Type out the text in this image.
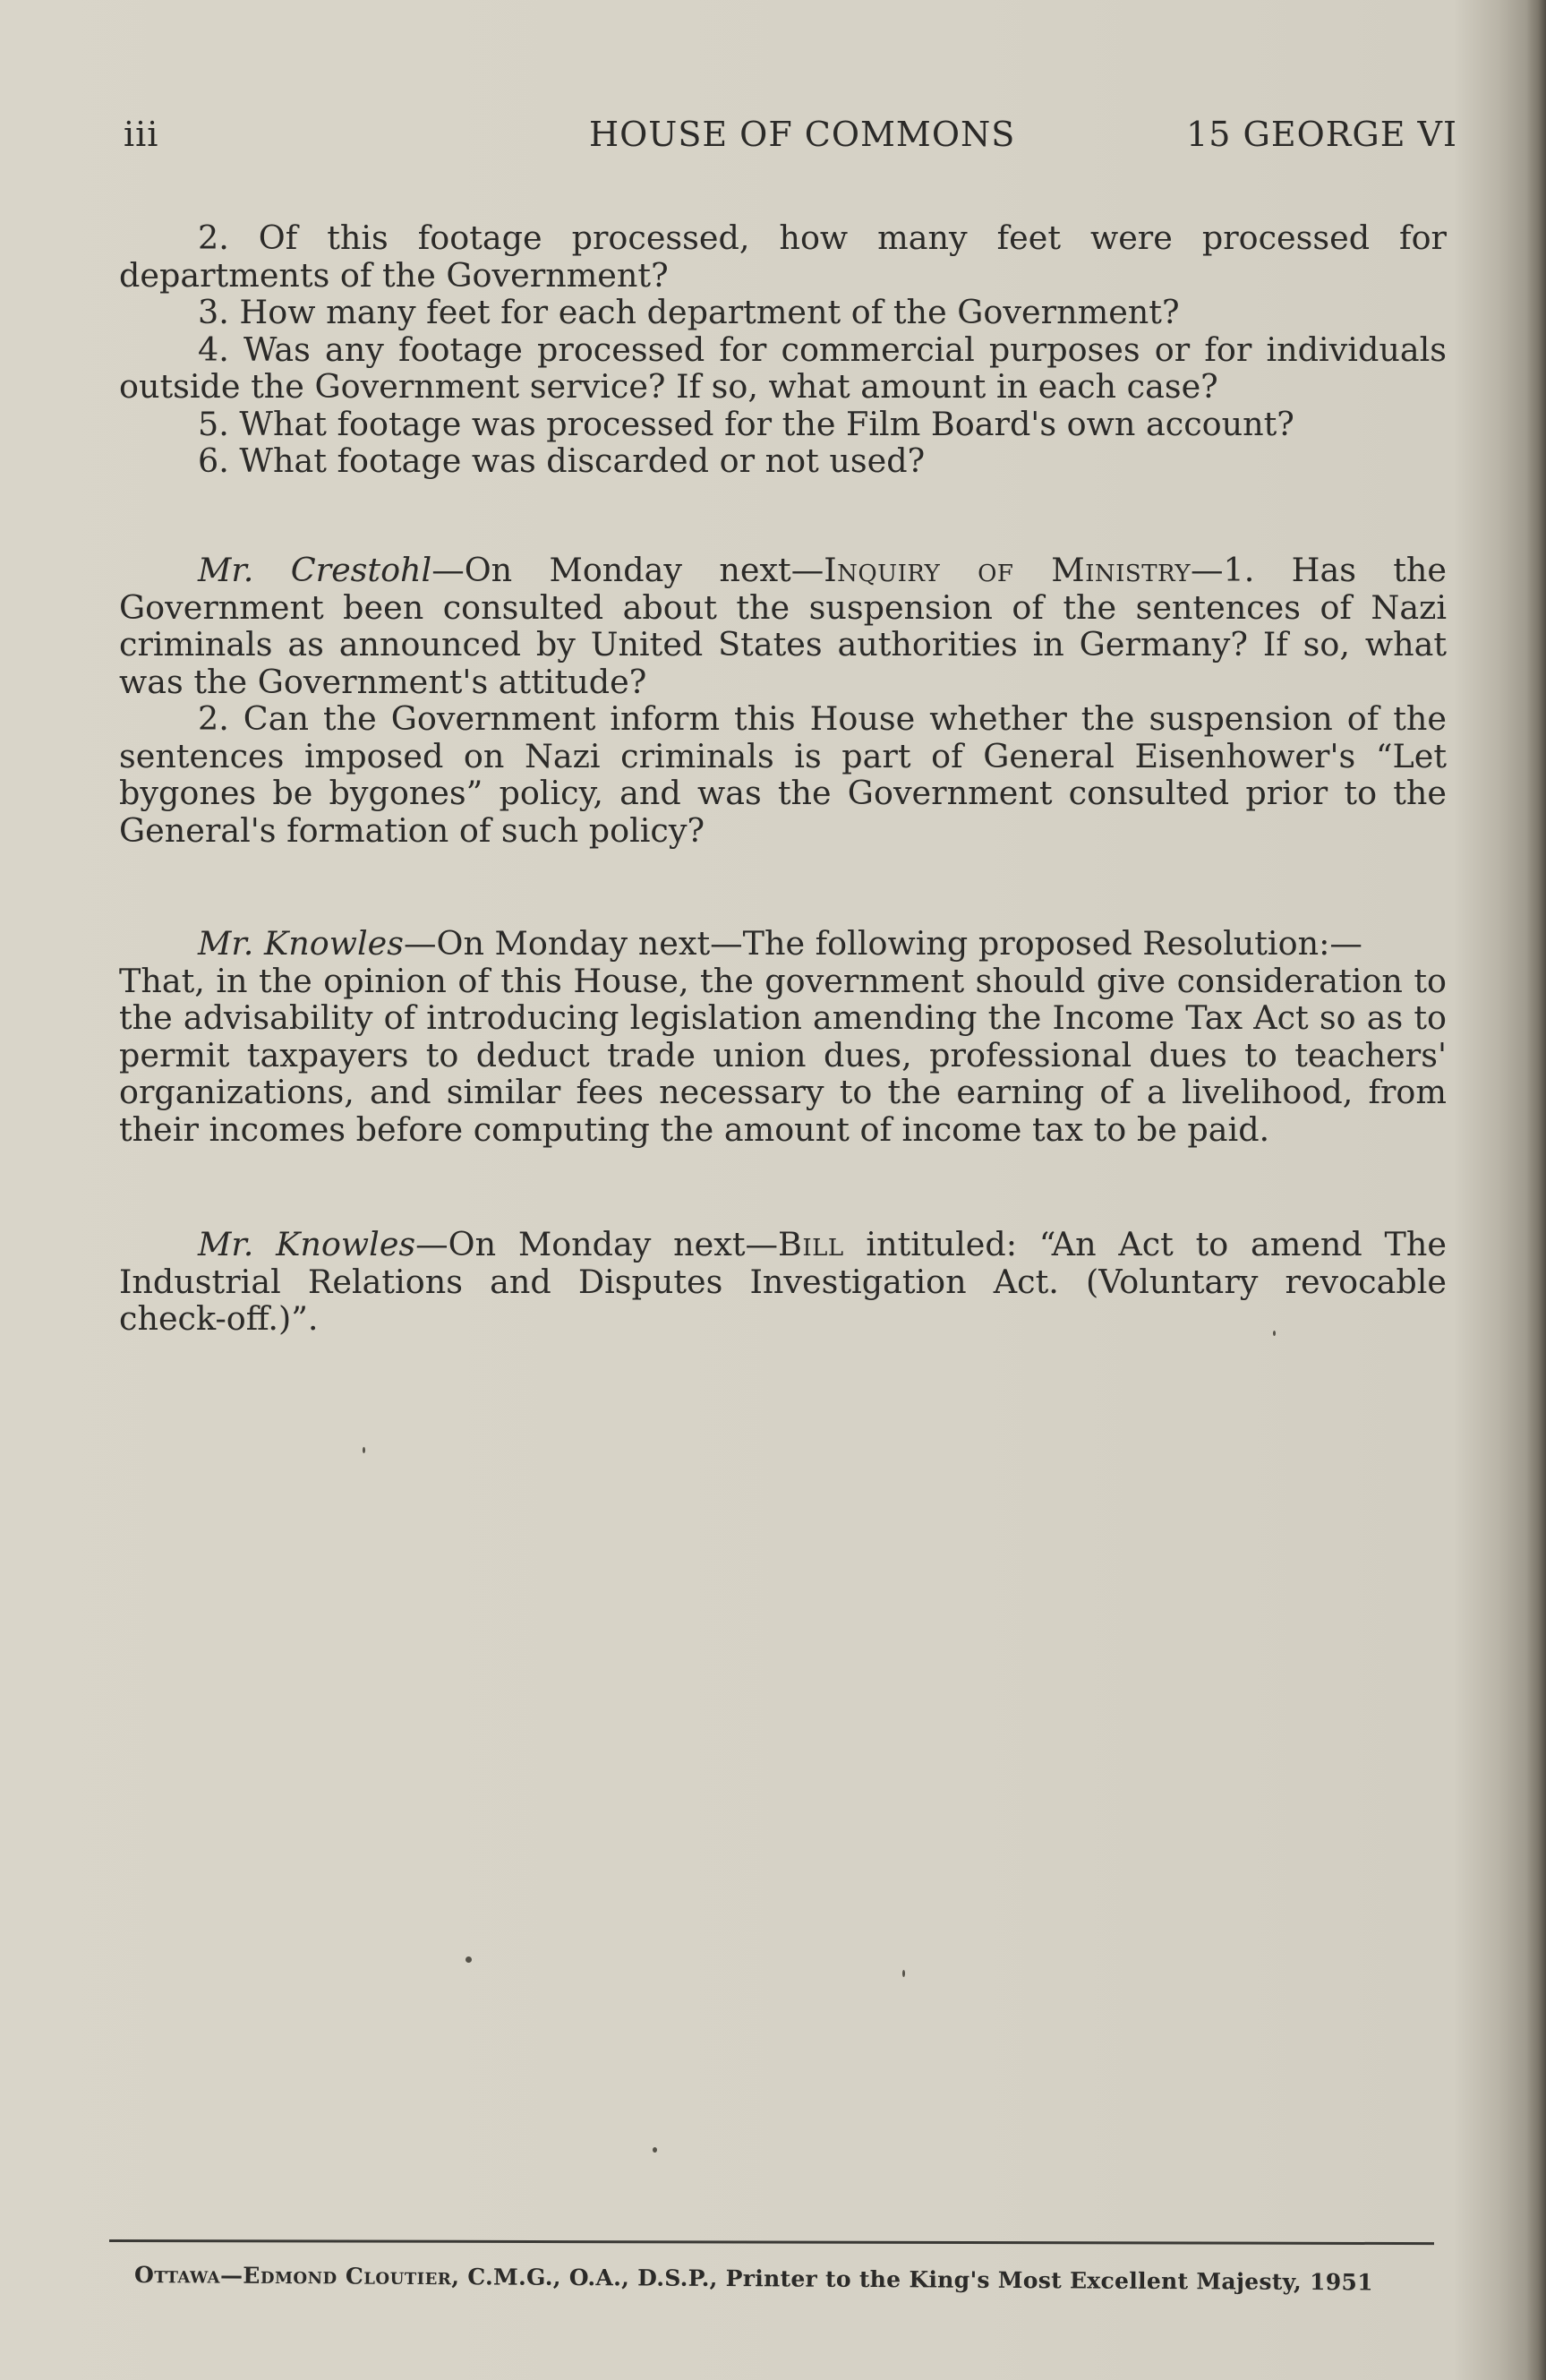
iii	HOUSE OF COMMONS	15 GEORGE VI

2. Of this footage processed, how many feet were processed for departments of the Government?

3. How many feet for each department of the Government?

4. Was any footage processed for commercial purposes or for individuals outside the Government service? If so, what amount in each case?

5. What footage was processed for the Film Board's own account?

6. What footage was discarded or not used?

Mr. Crestohl—On Monday next—Inquiry of Ministry—1. Has the Government been consulted about the suspension of the sentences of Nazi criminals as announced by United States authorities in Germany? If so, what was the Government's attitude?

2. Can the Government inform this House whether the suspension of the sentences imposed on Nazi criminals is part of General Eisenhower's “Let bygones be bygones” policy, and was the Government consulted prior to the General's formation of such policy?

Mr. Knowles—On Monday next—The following proposed Resolution:—

That, in the opinion of this House, the government should give consideration to the advisability of introducing legislation amending the Income Tax Act so as to permit taxpayers to deduct trade union dues, professional dues to teachers' organizations, and similar fees necessary to the earning of a livelihood, from their incomes before computing the amount of income tax to be paid.

Mr. Knowles—On Monday next—Bill intituled: “An Act to amend The Industrial Relations and Disputes Investigation Act. (Voluntary revocable check-off.)”.

Ottawa—Edmond Cloutier, C.M.G., O.A., D.S.P., Printer to the King's Most Excellent Majesty, 1951
